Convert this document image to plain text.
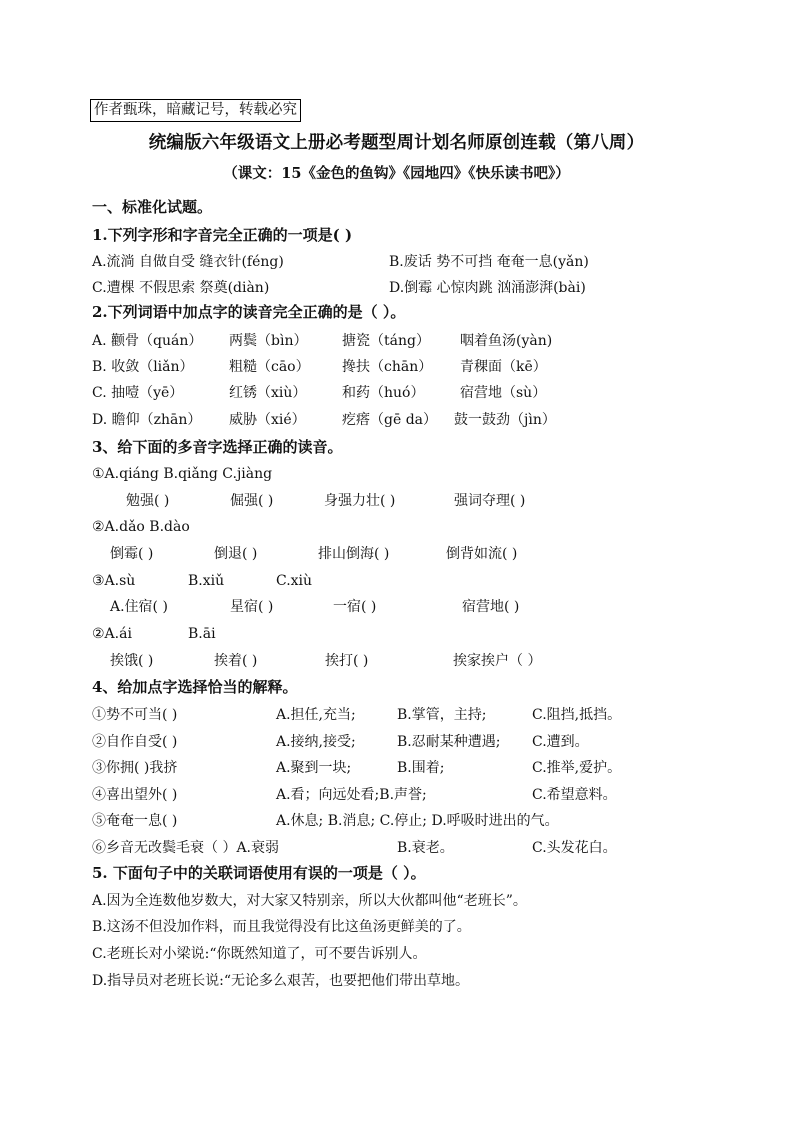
作者甄珠，暗藏记号，转载必究
统编版六年级语文上册必考题型周计划名师原创连载（第八周）
（课文：15《金色的鱼钩》《园地四》《快乐读书吧》）
一、标准化试题。
1.下列字形和字音完全正确的一项是( )
A.流淌 自做自受 缝衣针(féng)	B.废话 势不可挡 奄奄一息(yǎn)
C.遭棵 不假思索 祭奠(diàn)	D.倒霉 心惊肉跳 汹涌澎湃(bài)
2.下列词语中加点字的读音完全正确的是（ ）。
A. 颧骨（quán） 两鬓（bìn） 搪瓷（táng） 咽着鱼汤(yàn)
B. 收敛（liǎn）	粗糙（cāo） 搀扶（chān） 青稞面（kē）
C. 抽噎（yē）	红锈（xiù）	和药（huó）	宿营地（sù）
D. 瞻仰（zhān） 威胁（xié）	疙瘩（gē da） 鼓一鼓劲（jìn）
3、给下面的多音字选择正确的读音。
①A.qiáng B.qiǎng C.jiàng
勉强( )	倔强( )	身强力壮( )	强词夺理( )
②A.dǎo B.dào
倒霉( )	倒退( )	排山倒海( )	倒背如流( )
③A.sù	B.xiǔ	C.xiù
A.住宿( )	星宿( )	一宿( )	宿营地( )
②A.ái	B.āi
挨饿( )	挨着( )	挨打( )	挨家挨户（ ）
4、给加点字选择恰当的解释。
①势不可当( )	A.担任,充当;	B.掌管，主持;	C.阻挡,抵挡。
②自作自受( )	A.接纳,接受;	B.忍耐某种遭遇; C.遭到。
③你拥( )我挤	A.聚到一块;	B.围着;	C.推举,爱护。
④喜出望外( )	A.看；向远处看;B.声誉;	C.希望意料。
⑤奄奄一息( )	A.休息; B.消息; C.停止; D.呼吸时进出的气。
⑥乡音无改鬓毛衰（ ）A.衰弱	B.衰老。	C.头发花白。
5. 下面句子中的关联词语使用有误的一项是（ ）。
A.因为全连数他岁数大，对大家又特别亲，所以大伙都叫他“老班长”。
B.这汤不但没加作料，而且我觉得没有比这鱼汤更鲜美的了。
C.老班长对小梁说:“你既然知道了，可不要告诉别人。
D.指导员对老班长说:“无论多么艰苦，也要把他们带出草地。
